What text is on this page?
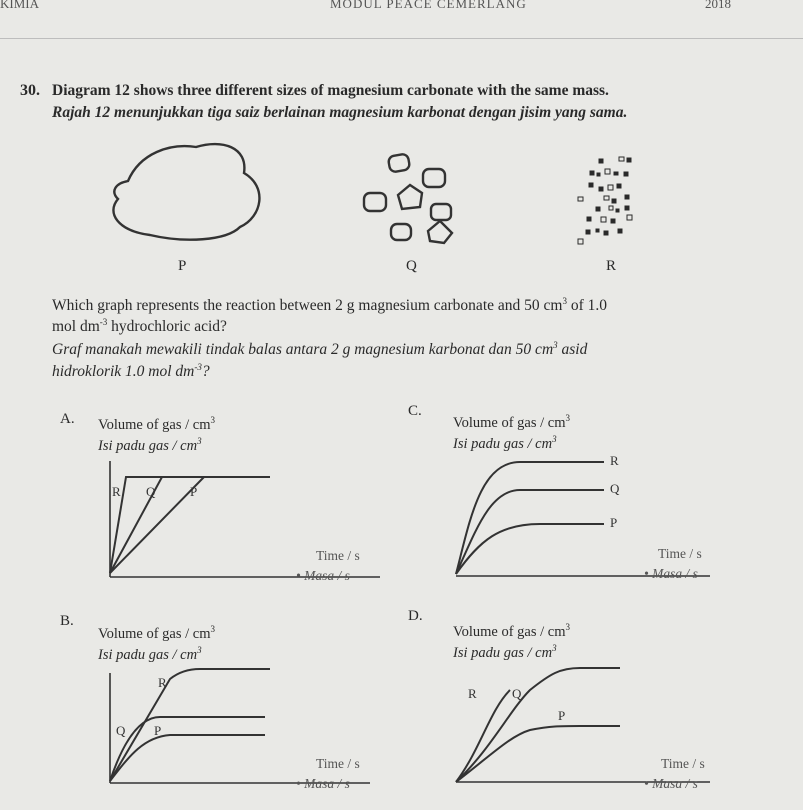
KIMIA	MODUL PEACE CEMERLANG	2018
30. Diagram 12 shows three different sizes of magnesium carbonate with the same mass.
Rajah 12 menunjukkan tiga saiz berlainan magnesium karbonat dengan jisim yang sama.
P	Q	R
Which graph represents the reaction between 2 g magnesium carbonate and 50 $cm^3$ of 1.0
mol $dm^{-3}$ hydrochloric acid?
Graf manakah mewakili tindak balas antara 2 g magnesium karbonat dan 50 $cm^3$ asid
hidroklorik 1.0 mol $dm^{-3}$?
A. Volume of gas / $cm^3$
Isi padu gas / $cm^3$
R Q	P
Time / s
• Masa / s
C.
Volume of gas / $cm^3$
Isi padu gas / $cm^3$
R
Q
P
Time / s
• Masa / s
B.
Volume of gas / $cm^3$
Isi padu gas / $cm^3$
R
Q P
Time / s
• Masa / s
D.
Volume of gas / $cm^3$
Isi padu gas / $cm^3$
R	Q
P
Time / s
• Masa / s
